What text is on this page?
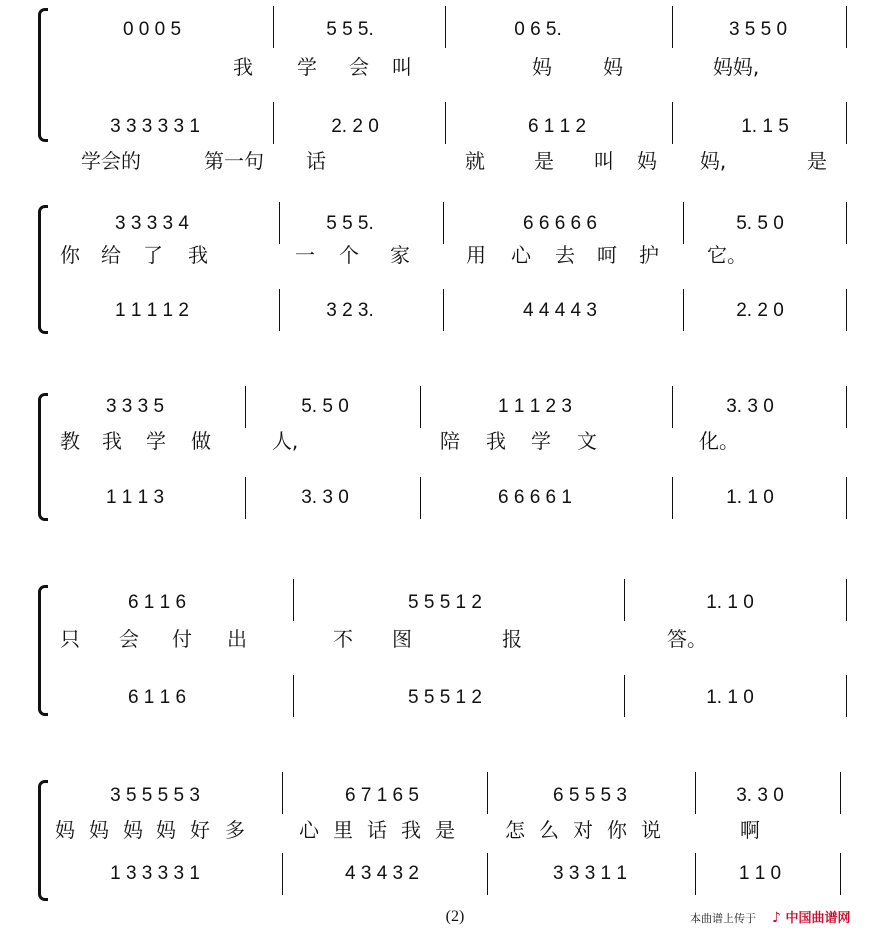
0 0 0 5	5 5 5.	0 6 5.	3 5 5 0
我 学 会 叫	妈	妈	妈妈,
3 3 3 3 3 1	2. 2 0	6 1 1 2	1. 1 5
学会的	第一句 话	就 是 叫 妈 妈,	是
3 3 3 3 4	5 5 5.	6 6 6 6 6	5. 5 0
你 给 了 我	一 个 家	用 心 去 呵 护 它。
1 1 1 1 2	3 2 3.	4 4 4 4 3	2. 2 0
3 3 3 5	5. 5 0	1 1 1 2 3	3. 3 0
教 我 学 做	人,	陪 我 学 文	化。
1 1 1 3	3. 3 0	6 6 6 6 1	1. 1 0
6 1 1 6	5 5 5 1 2	1. 1 0
只 会 付 出	不 图	报	答。
6 1 1 6	5 5 5 1 2	1. 1 0
3 5 5 5 5 3	6 7 1 6 5	6 5 5 5 3	3. 3 0
妈 妈 妈 妈 好 多	心 里 话 我 是	怎 么 对 你 说	啊
1 3 3 3 3 1	4 3 4 3 2	3 3 3 1 1	1 1 0
(2)	本曲谱上传于 ♪ 中国曲谱网
